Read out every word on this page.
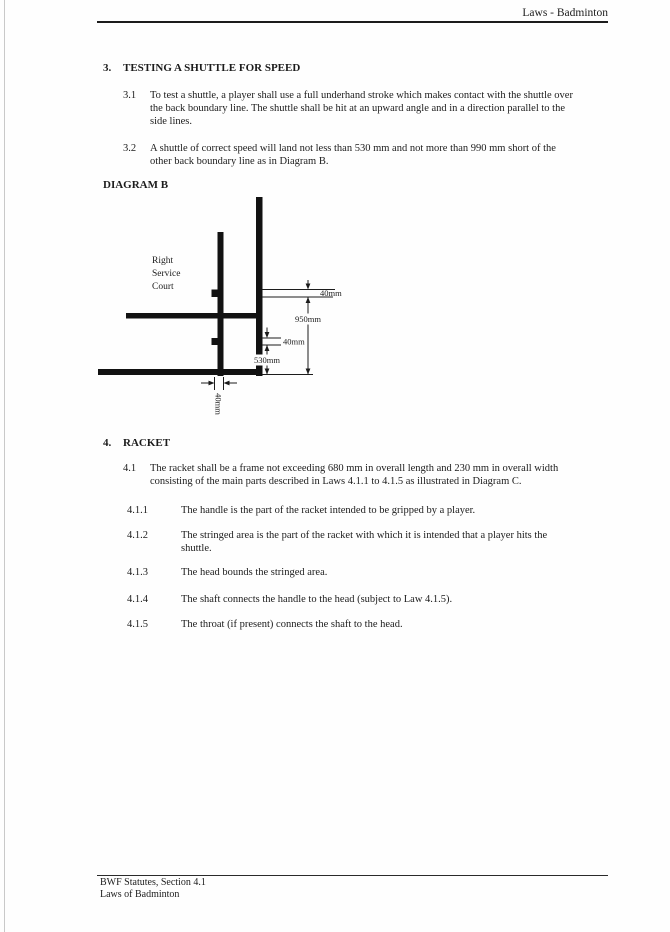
Laws - Badminton
3. TESTING A SHUTTLE FOR SPEED
3.1 To test a shuttle, a player shall use a full underhand stroke which makes contact with the shuttle over
the back boundary line. The shuttle shall be hit at an upward angle and in a direction parallel to the
side lines.
3.2 A shuttle of correct speed will land not less than 530 mm and not more than 990 mm short of the
other back boundary line as in Diagram B.
DIAGRAM B
40mm
950mm
40mm
530mm
40mm
Right
Service
Court
4. RACKET
4.1 The racket shall be a frame not exceeding 680 mm in overall length and 230 mm in overall width
consisting of the main parts described in Laws 4.1.1 to 4.1.5 as illustrated in Diagram C.
4.1.1	The handle is the part of the racket intended to be gripped by a player.
4.1.2	The stringed area is the part of the racket with which it is intended that a player hits the
shuttle.
4.1.3	The head bounds the stringed area.
4.1.4	The shaft connects the handle to the head (subject to Law 4.1.5).
4.1.5	The throat (if present) connects the shaft to the head.
BWF Statutes, Section 4.1
Laws of Badminton
